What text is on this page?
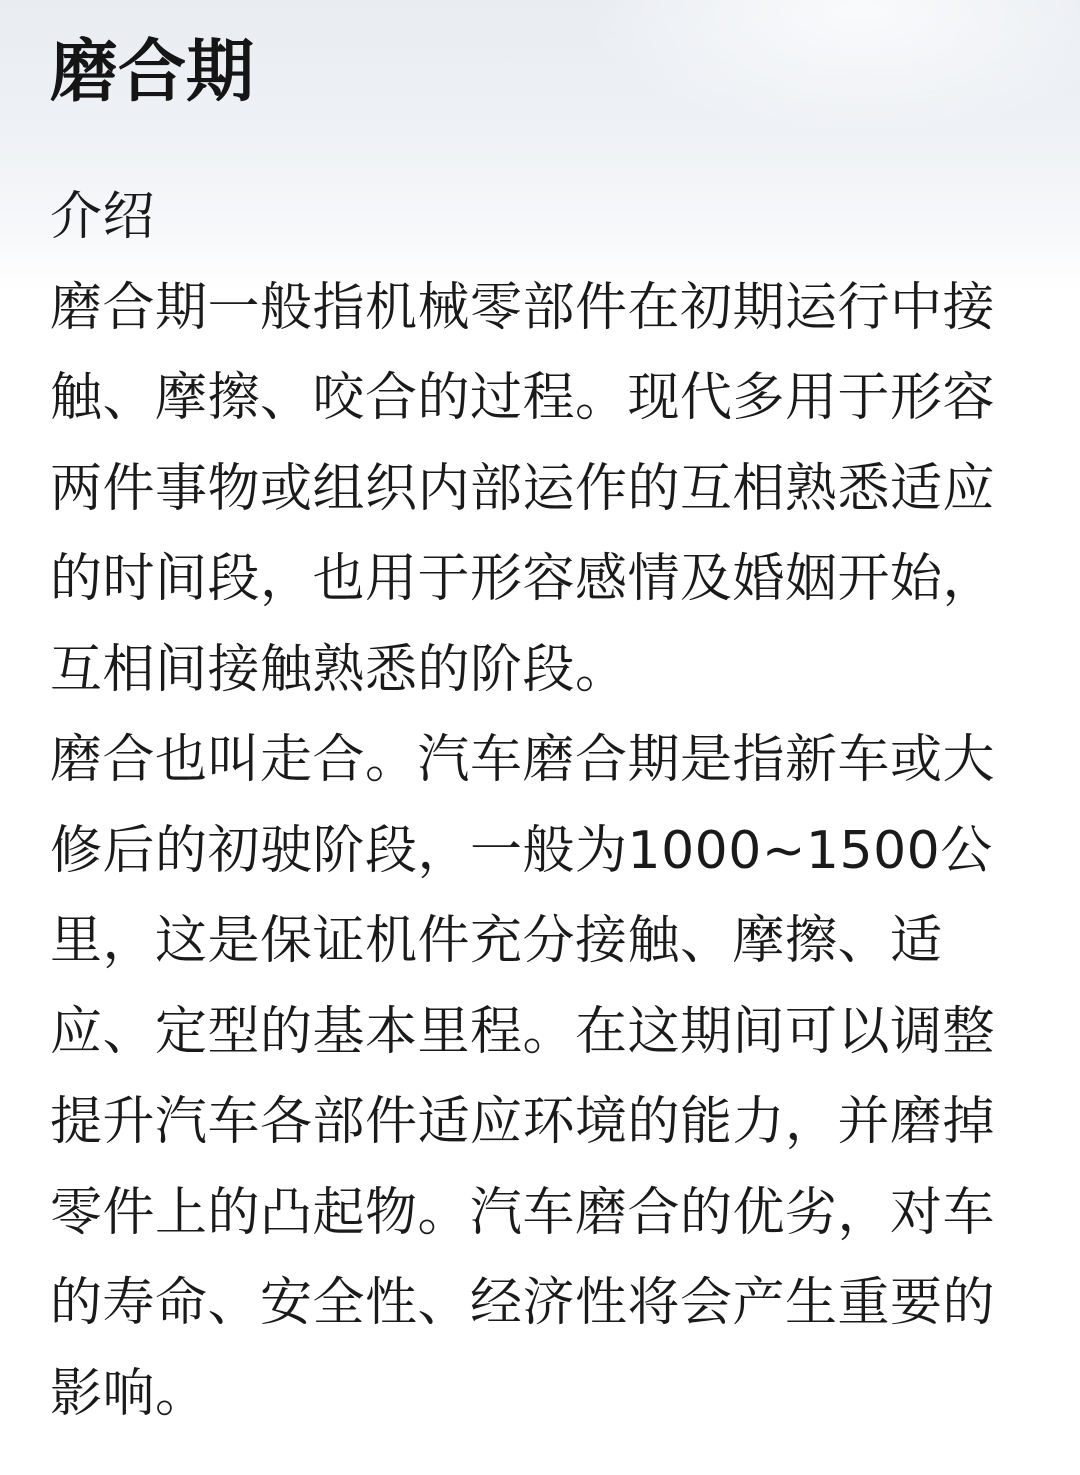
磨合期
介绍
磨合期一般指机械零部件在初期运行中接
触、摩擦、咬合的过程。现代多用于形容
两件事物或组织内部运作的互相熟悉适应
的时间段，也用于形容感情及婚姻开始，
互相间接触熟悉的阶段。
磨合也叫走合。汽车磨合期是指新车或大
修后的初驶阶段，一般为1000~1500公
里，这是保证机件充分接触、摩擦、适
应、定型的基本里程。在这期间可以调整
提升汽车各部件适应环境的能力，并磨掉
零件上的凸起物。汽车磨合的优劣，对车
的寿命、安全性、经济性将会产生重要的
影响。
